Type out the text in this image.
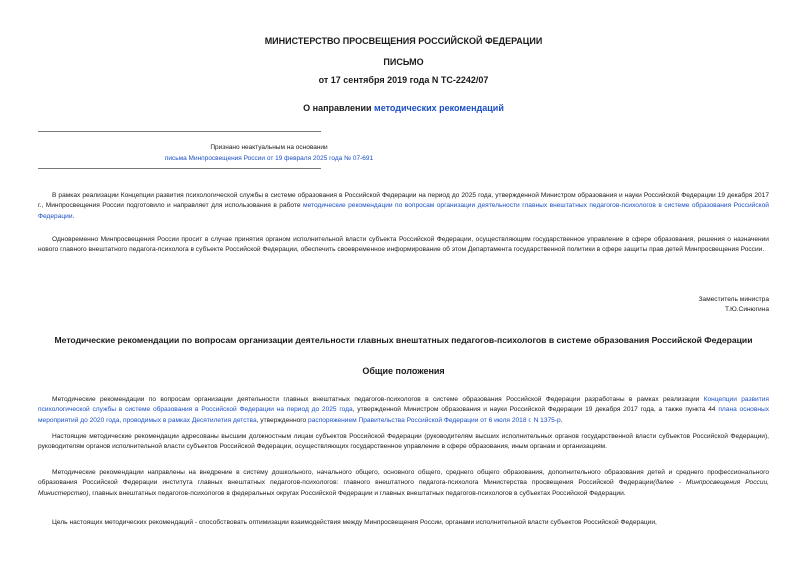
МИНИСТЕРСТВО ПРОСВЕЩЕНИЯ РОССИЙСКОЙ ФЕДЕРАЦИИ
ПИСЬМО
от 17 сентября 2019 года N ТС-2242/07
О направлении методических рекомендаций
Признано неактуальным на основании
письма Минпросвещения России от 19 февраля 2025 года № 07-691
В рамках реализации Концепции развития психологической службы в системе образования в Российской Федерации на период до 2025 года, утвержденной Министром образования и науки Российской Федерации 19 декабря 2017 г., Минпросвещения России подготовило и направляет для использования в работе методические рекомендации по вопросам организации деятельности главных внештатных педагогов-психологов в системе образования Российской Федерации.
Одновременно Минпросвещения России просит в случае принятия органом исполнительной власти субъекта Российской Федерации, осуществляющим государственное управление в сфере образования, решения о назначении нового главного внештатного педагога-психолога в субъекте Российской Федерации, обеспечить своевременное информирование об этом Департамента государственной политики в сфере защиты прав детей Минпросвещения России.
Заместитель министра
Т.Ю.Синюгина
Методические рекомендации по вопросам организации деятельности главных внештатных педагогов-психологов в системе образования Российской Федерации
Общие положения
Методические рекомендации по вопросам организации деятельности главных внештатных педагогов-психологов в системе образования Российской Федерации разработаны в рамках реализации Концепции развития психологической службы в системе образования в Российской Федерации на период до 2025 года, утвержденной Министром образования и науки Российской Федерации 19 декабря 2017 года, а также пункта 44 плана основных мероприятий до 2020 года, проводимых в рамках Десятилетия детства, утвержденного распоряжением Правительства Российской Федерации от 6 июля 2018 г. N 1375-р.
Настоящие методические рекомендации адресованы высшим должностным лицам субъектов Российской Федерации (руководителям высших исполнительных органов государственной власти субъектов Российской Федерации), руководителям органов исполнительной власти субъектов Российской Федерации, осуществляющих государственное управление в сфере образования, иным органам и организациям.
Методические рекомендации направлены на внедрение в систему дошкольного, начального общего, основного общего, среднего общего образования, дополнительного образования детей и среднего профессионального образования Российской Федерации института главных внештатных педагогов-психологов: главного внештатного педагога-психолога Министерства просвещения Российской Федерации(далее - Минпросвещения России, Министерство), главных внештатных педагогов-психологов в федеральных округах Российской Федерации и главных внештатных педагогов-психологов в субъектах Российской Федерации.
Цель настоящих методических рекомендаций - способствовать оптимизации взаимодействия между Минпросвещения России, органами исполнительной власти субъектов Российской Федерации,
